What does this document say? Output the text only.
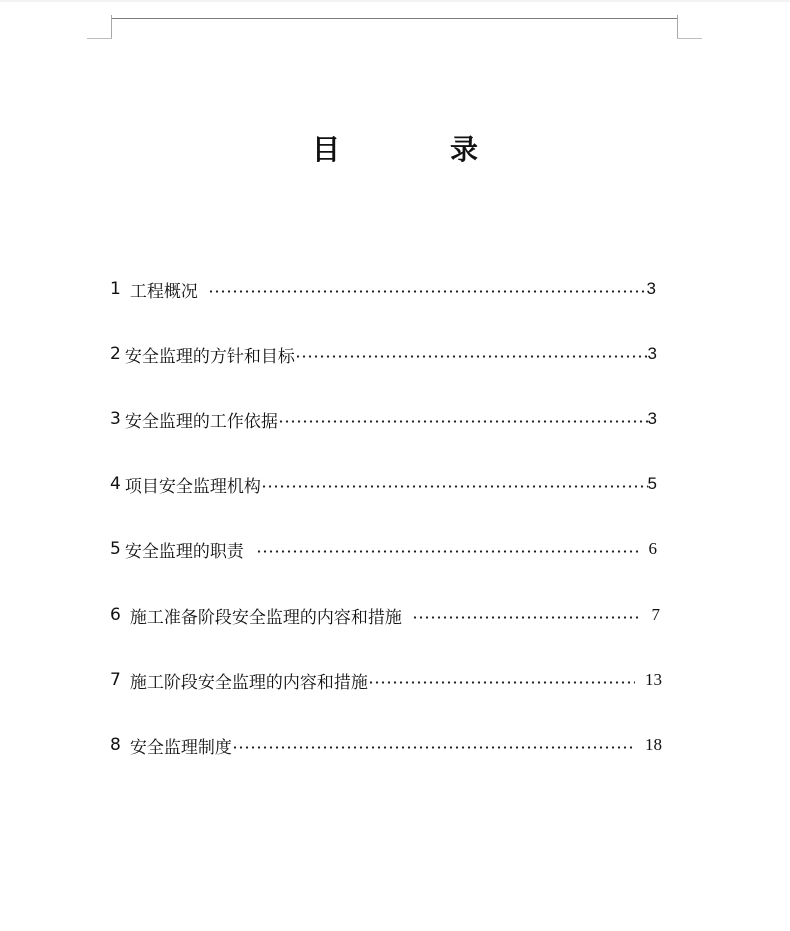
目	录
1 工程概况	3
2 安全监理的方针和目标	3
3 安全监理的工作依据	3
4 项目安全监理机构	5
5 安全监理的职责	6
6 施工准备阶段安全监理的内容和措施	7
7 施工阶段安全监理的内容和措施	13
8 安全监理制度	18
